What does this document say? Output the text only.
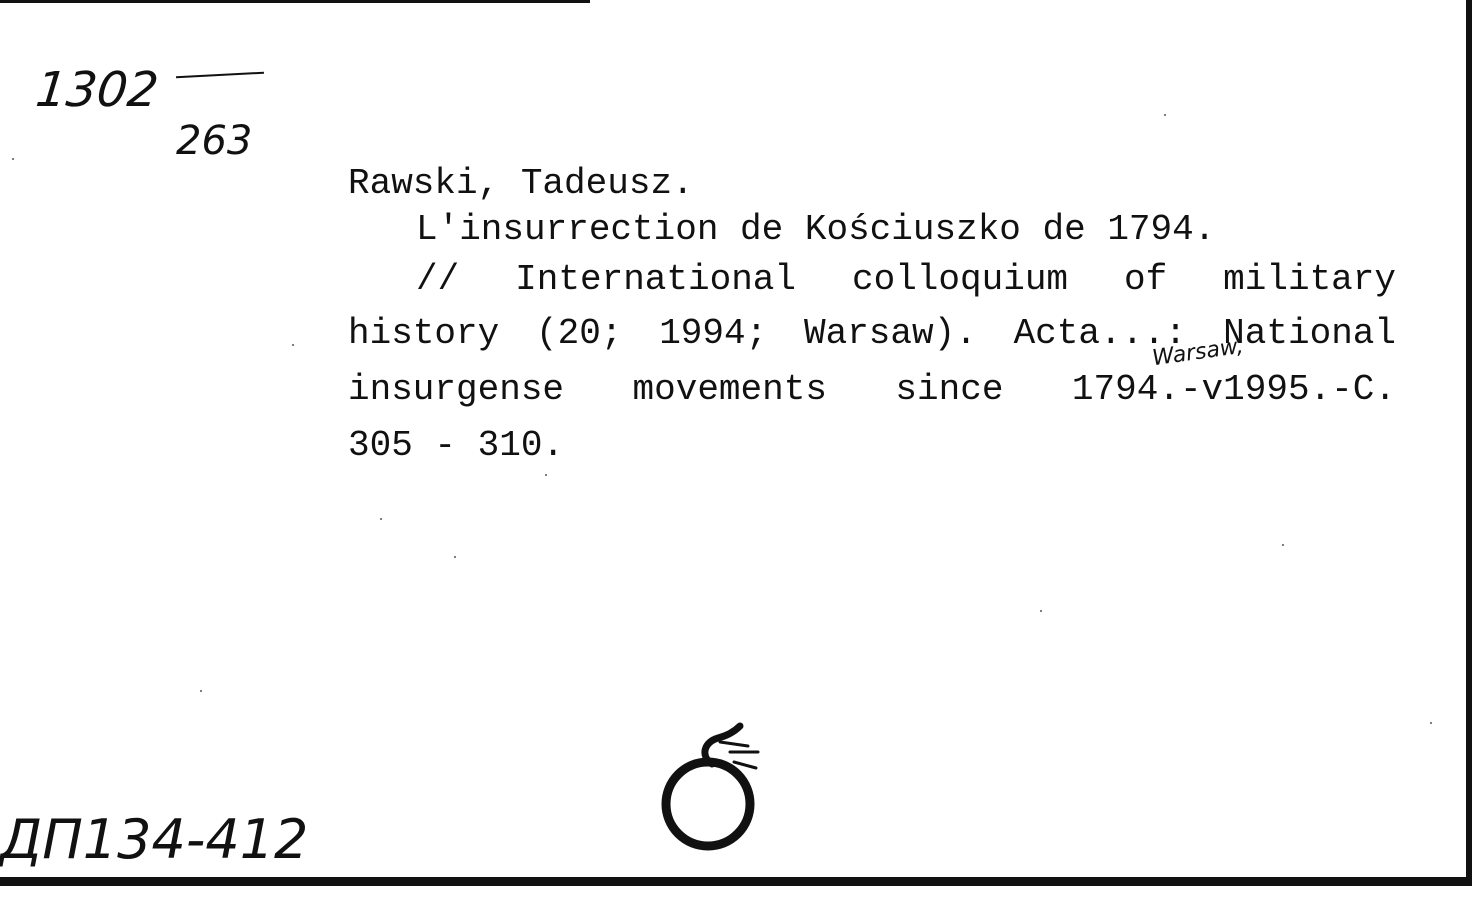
1302
263
Rawski, Tadeusz.
L'insurrection de Kościuszko de 1794.
// International colloquium of military
history (20; 1994; Warsaw). Acta...: National
insurgense movements since 1794.-v1995.-C.
305 - 310.
Warsaw,
ДП134-412
